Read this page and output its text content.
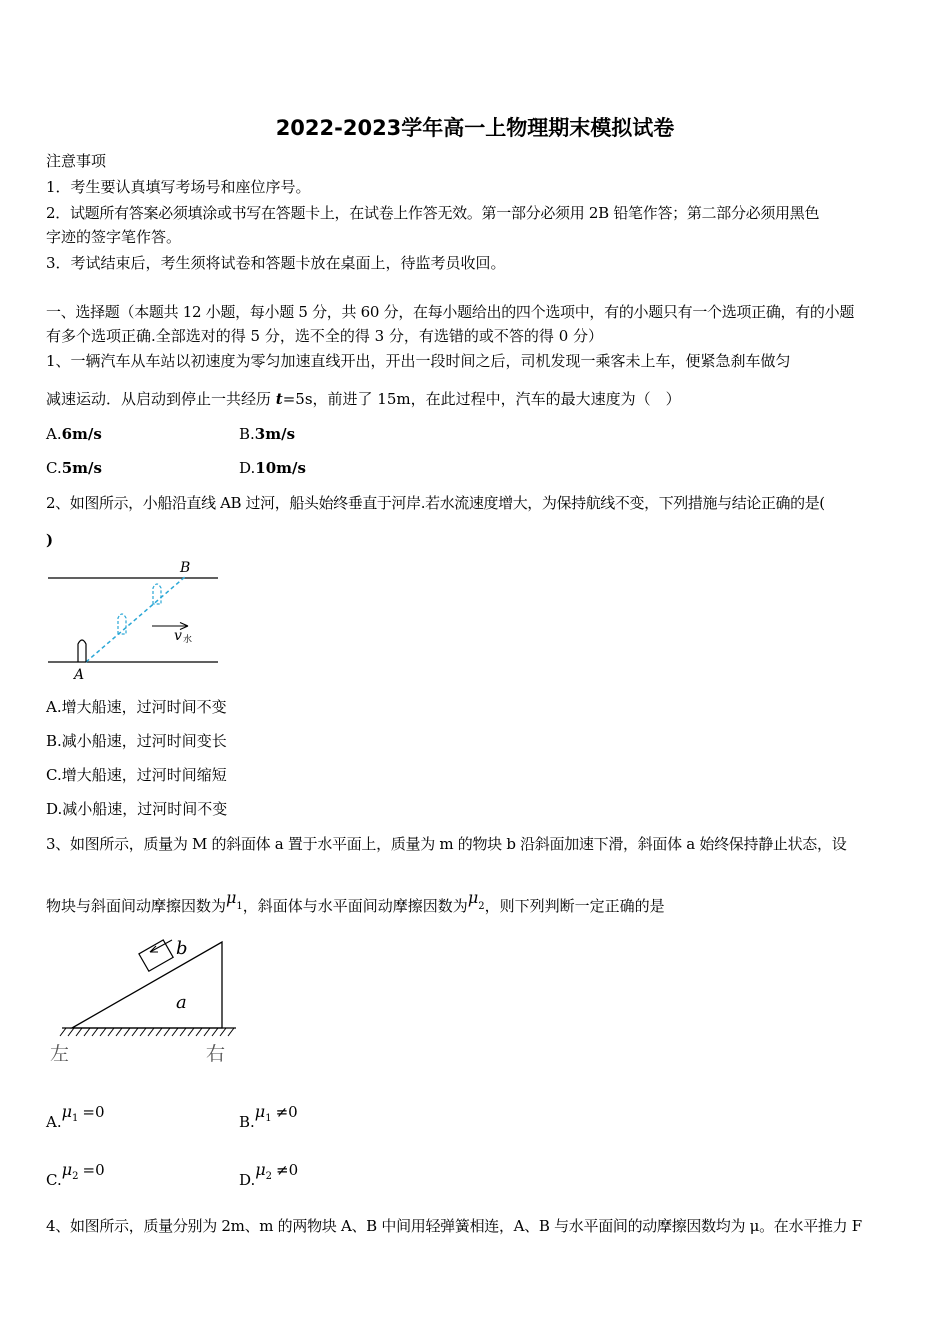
2022-2023学年高一上物理期末模拟试卷
注意事项
1．考生要认真填写考场号和座位序号。
2．试题所有答案必须填涂或书写在答题卡上，在试卷上作答无效。第一部分必须用 2B 铅笔作答；第二部分必须用黑色
字迹的签字笔作答。
3．考试结束后，考生须将试卷和答题卡放在桌面上，待监考员收回。
一、选择题（本题共 12 小题，每小题 5 分，共 60 分，在每小题给出的四个选项中，有的小题只有一个选项正确，有的小题
有多个选项正确.全部选对的得 5 分，选不全的得 3 分，有选错的或不答的得 0 分）
1、一辆汽车从车站以初速度为零匀加速直线开出，开出一段时间之后，司机发现一乘客未上车，便紧急刹车做匀
减速运动．从启动到停止一共经历 t=5s，前进了 15m，在此过程中，汽车的最大速度为（　）
A.6m/s	B.3m/s
C.5m/s	D.10m/s
2、如图所示，小船沿直线 AB 过河，船头始终垂直于河岸.若水流速度增大，为保持航线不变，下列措施与结论正确的是(
)
v 水
B
A
A.增大船速，过河时间不变
B.减小船速，过河时间变长
C.增大船速，过河时间缩短
D.减小船速，过河时间不变
3、如图所示，质量为 M 的斜面体 a 置于水平面上，质量为 m 的物块 b 沿斜面加速下滑，斜面体 a 始终保持静止状态，设
物块与斜面间动摩擦因数为$\mu_1$，斜面体与水平面间动摩擦因数为$\mu_2$，则下列判断一定正确的是
b
a
左	右
$A.\mu_1 =0$
$B.\mu_1 \ne 0$
$C.\mu_2 =0$
$D.\mu_2 \ne 0$
4、如图所示，质量分别为 2m、m 的两物块 A、B 中间用轻弹簧相连，A、B 与水平面间的动摩擦因数均为 μ。在水平推力 F
